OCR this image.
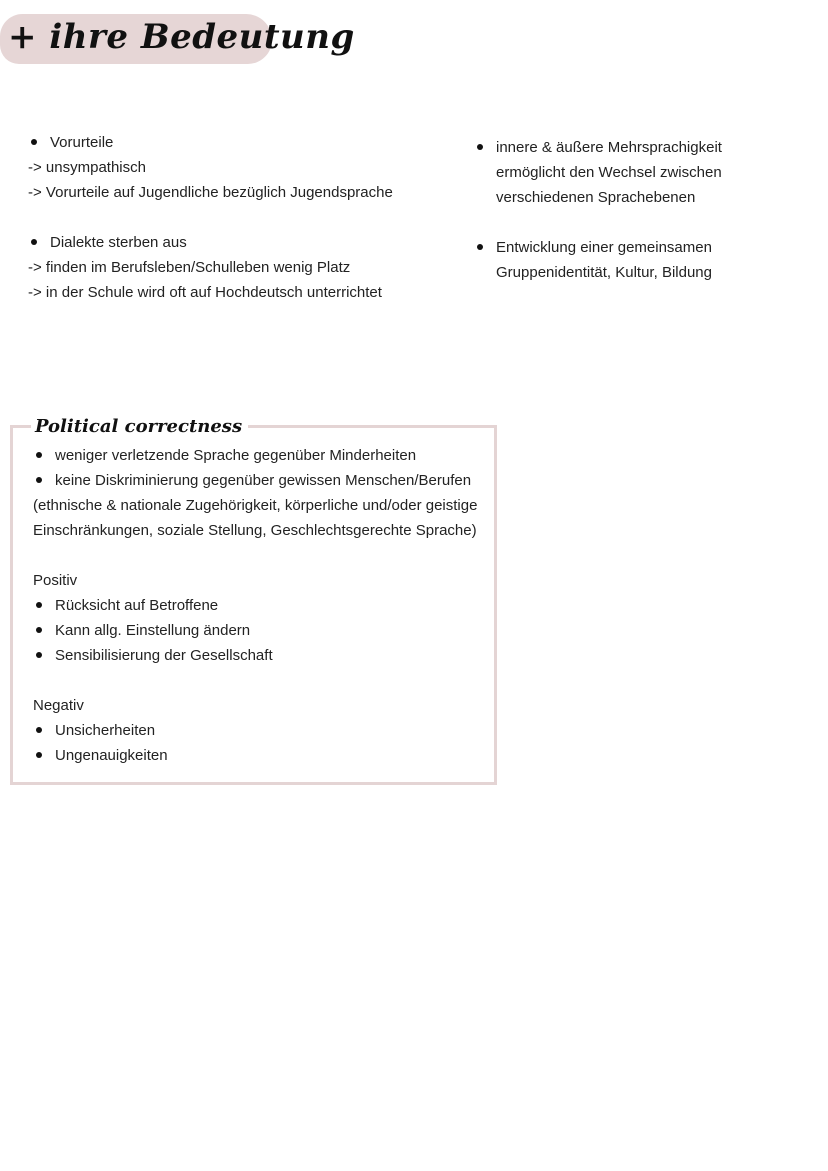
+ ihre Bedeutung
Vorurteile
-> unsympathisch
-> Vorurteile auf Jugendliche bezüglich Jugendsprache
Dialekte sterben aus
-> finden im Berufsleben/Schulleben wenig Platz
-> in der Schule wird oft auf Hochdeutsch unterrichtet
innere & äußere Mehrsprachigkeit
ermöglicht den Wechsel zwischen
verschiedenen Sprachebenen
Entwicklung einer gemeinsamen
Gruppenidentität, Kultur, Bildung
Political correctness
weniger verletzende Sprache gegenüber Minderheiten
keine Diskriminierung gegenüber gewissen Menschen/Berufen
(ethnische & nationale Zugehörigkeit, körperliche und/oder geistige
Einschränkungen, soziale Stellung, Geschlechtsgerechte Sprache)
Positiv
Rücksicht auf Betroffene
Kann allg. Einstellung ändern
Sensibilisierung der Gesellschaft
Negativ
Unsicherheiten
Ungenauigkeiten
